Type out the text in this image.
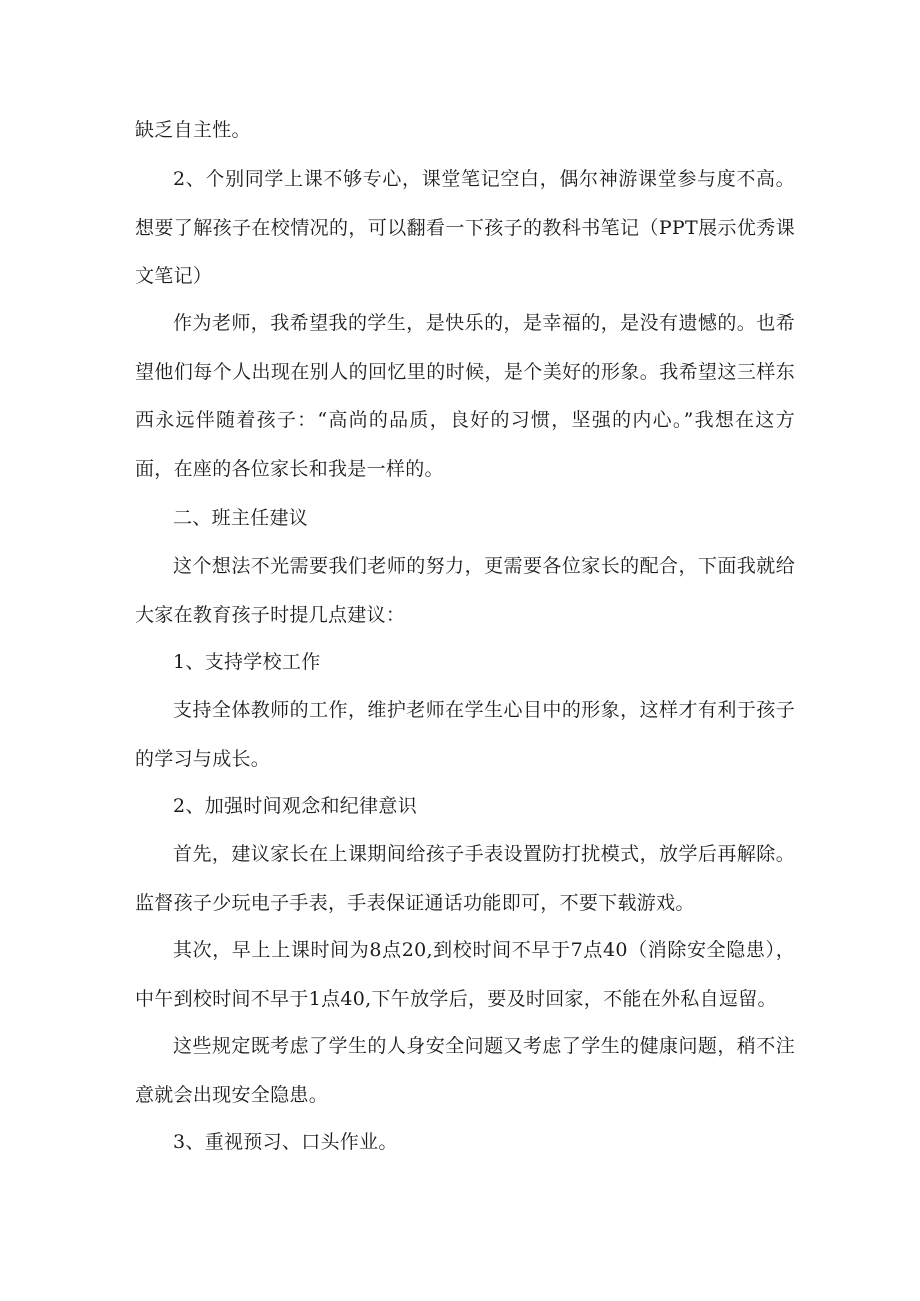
缺乏自主性。

2、个别同学上课不够专心，课堂笔记空白，偶尔神游课堂参与度不高。想要了解孩子在校情况的，可以翻看一下孩子的教科书笔记（PPT展示优秀课文笔记）

作为老师，我希望我的学生，是快乐的，是幸福的，是没有遗憾的。也希望他们每个人出现在别人的回忆里的时候，是个美好的形象。我希望这三样东西永远伴随着孩子：“高尚的品质，良好的习惯，坚强的内心。”我想在这方面，在座的各位家长和我是一样的。

二、班主任建议

这个想法不光需要我们老师的努力，更需要各位家长的配合，下面我就给大家在教育孩子时提几点建议：

1、支持学校工作

支持全体教师的工作，维护老师在学生心目中的形象，这样才有利于孩子的学习与成长。

2、加强时间观念和纪律意识

首先，建议家长在上课期间给孩子手表设置防打扰模式，放学后再解除。监督孩子少玩电子手表，手表保证通话功能即可，不要下载游戏。

其次，早上上课时间为8点20,到校时间不早于7点40（消除安全隐患），中午到校时间不早于1点40,下午放学后，要及时回家，不能在外私自逗留。

这些规定既考虑了学生的人身安全问题又考虑了学生的健康问题，稍不注意就会出现安全隐患。

3、重视预习、口头作业。
